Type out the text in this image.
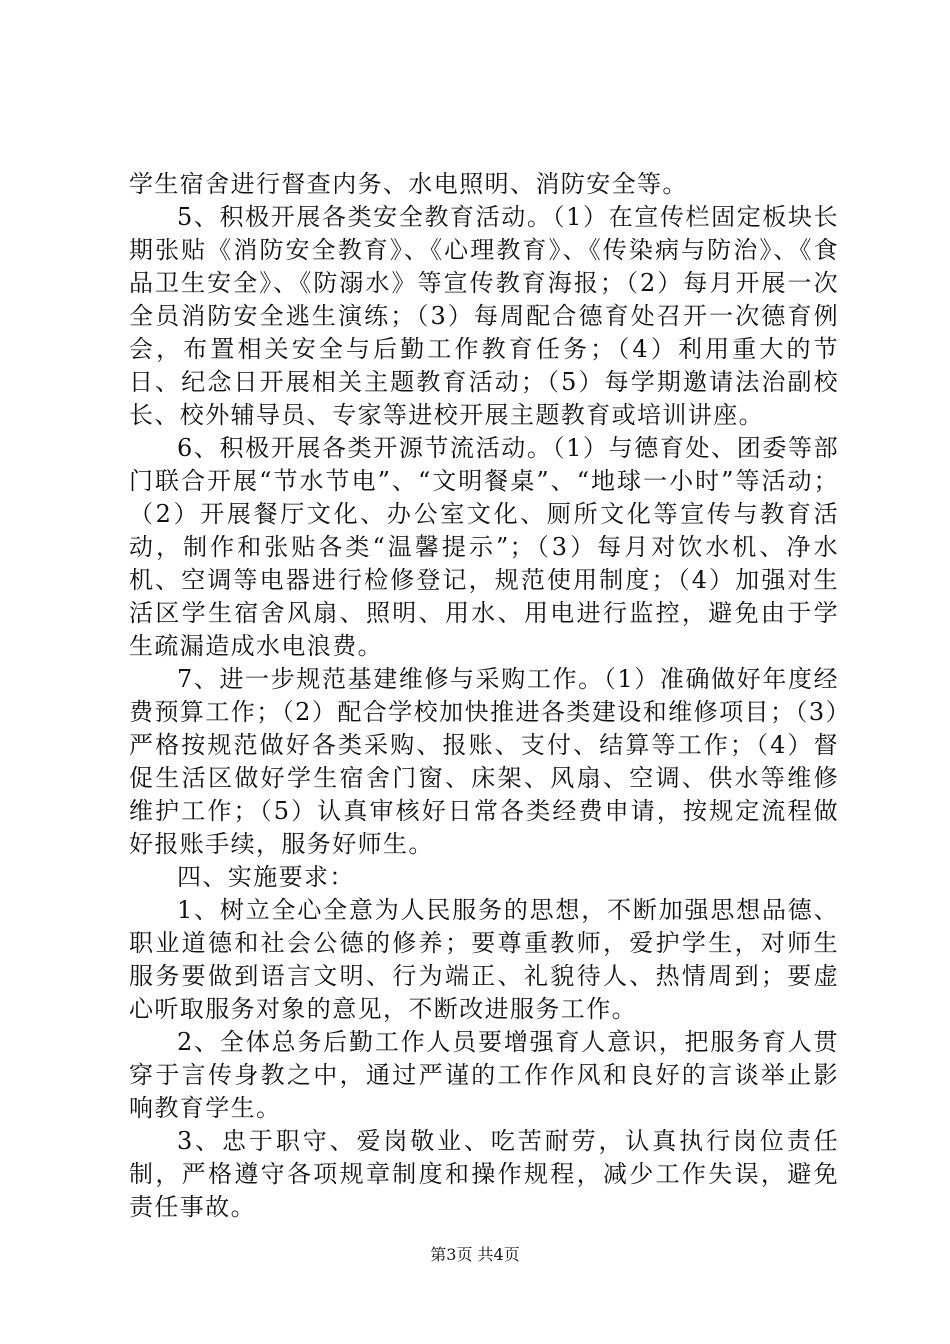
学生宿舍进行督查内务、水电照明、消防安全等。

5、积极开展各类安全教育活动。（1）在宣传栏固定板块长期张贴《消防安全教育》、《心理教育》、《传染病与防治》、《食品卫生安全》、《防溺水》等宣传教育海报；（2）每月开展一次全员消防安全逃生演练；（3）每周配合德育处召开一次德育例会，布置相关安全与后勤工作教育任务；（4）利用重大的节日、纪念日开展相关主题教育活动；（5）每学期邀请法治副校长、校外辅导员、专家等进校开展主题教育或培训讲座。

6、积极开展各类开源节流活动。（1）与德育处、团委等部门联合开展“节水节电”、“文明餐桌”、“地球一小时”等活动；（2）开展餐厅文化、办公室文化、厕所文化等宣传与教育活动，制作和张贴各类“温馨提示”；（3）每月对饮水机、净水机、空调等电器进行检修登记，规范使用制度；（4）加强对生活区学生宿舍风扇、照明、用水、用电进行监控，避免由于学生疏漏造成水电浪费。

7、进一步规范基建维修与采购工作。（1）准确做好年度经费预算工作；（2）配合学校加快推进各类建设和维修项目；（3）严格按规范做好各类采购、报账、支付、结算等工作；（4）督促生活区做好学生宿舍门窗、床架、风扇、空调、供水等维修维护工作；（5）认真审核好日常各类经费申请，按规定流程做好报账手续，服务好师生。

四、实施要求：

1、树立全心全意为人民服务的思想，不断加强思想品德、职业道德和社会公德的修养；要尊重教师，爱护学生，对师生服务要做到语言文明、行为端正、礼貌待人、热情周到；要虚心听取服务对象的意见，不断改进服务工作。

2、全体总务后勤工作人员要增强育人意识，把服务育人贯穿于言传身教之中，通过严谨的工作作风和良好的言谈举止影响教育学生。

3、忠于职守、爱岗敬业、吃苦耐劳，认真执行岗位责任制，严格遵守各项规章制度和操作规程，减少工作失误，避免责任事故。

第3页 共4页
